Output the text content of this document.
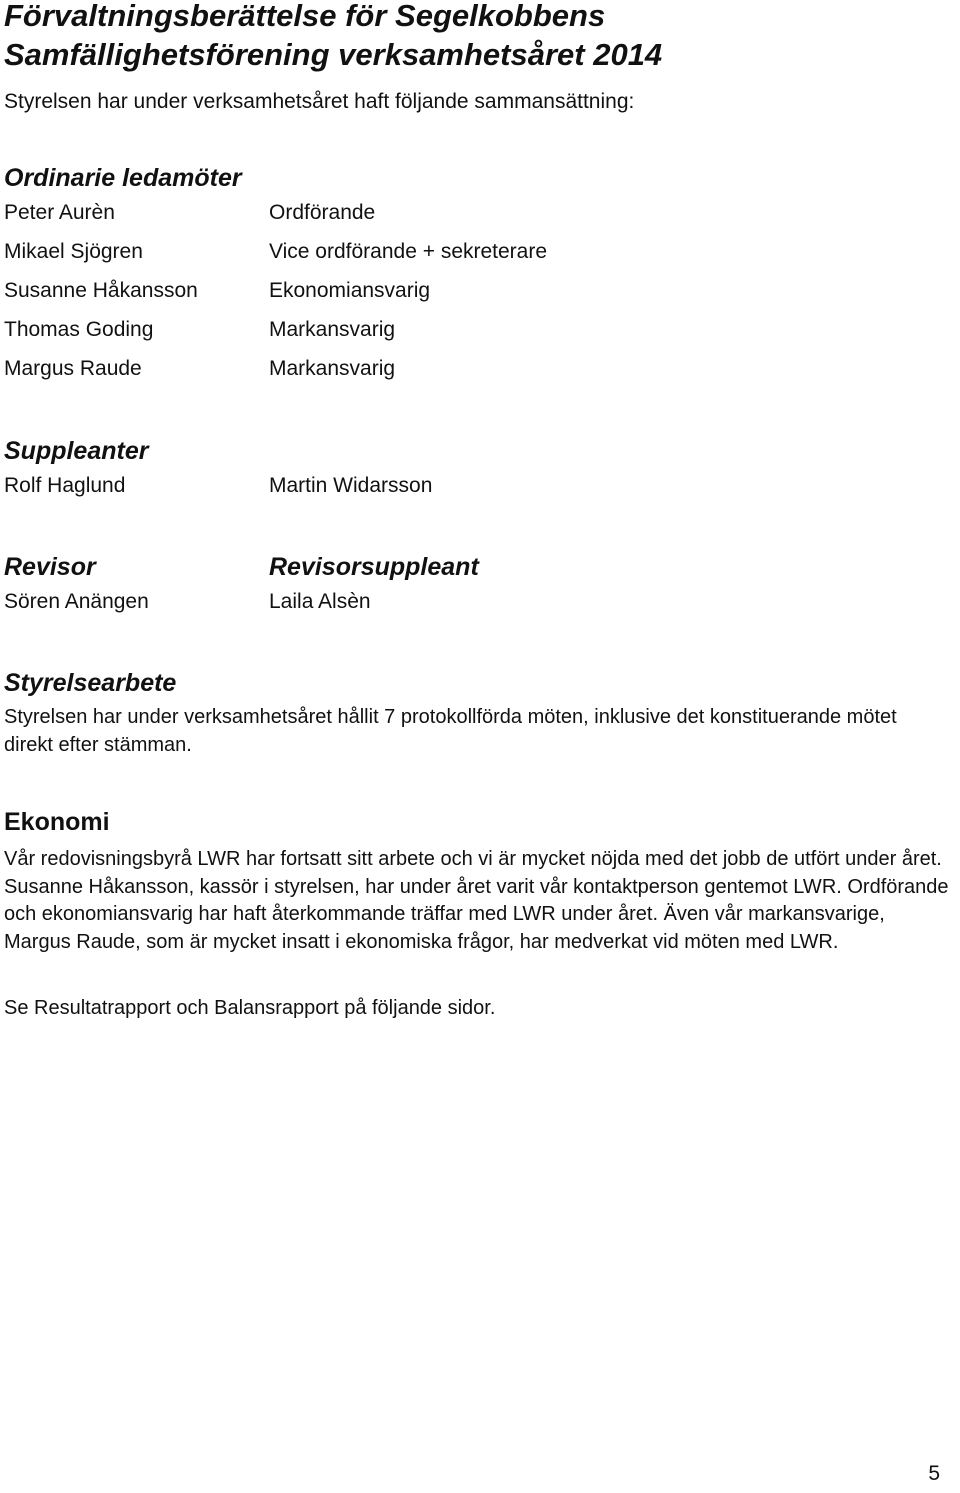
Förvaltningsberättelse för Segelkobbens
Samfällighetsförening verksamhetsåret 2014
Styrelsen har under verksamhetsåret haft följande sammansättning:
Ordinarie ledamöter
Peter Aurèn	Ordförande
Mikael Sjögren	Vice ordförande + sekreterare
Susanne Håkansson	Ekonomiansvarig
Thomas Goding	Markansvarig
Margus Raude	Markansvarig
Suppleanter
Rolf Haglund	Martin Widarsson
Revisor	Revisorsuppleant
Sören Anängen	Laila Alsèn
Styrelsearbete
Styrelsen har under verksamhetsåret hållit 7 protokollförda möten, inklusive det konstituerande mötet direkt efter stämman.
Ekonomi
Vår redovisningsbyrå LWR har fortsatt sitt arbete och vi är mycket nöjda med det jobb de utfört under året. Susanne Håkansson, kassör i styrelsen, har under året varit vår kontaktperson gentemot LWR. Ordförande och ekonomiansvarig har haft återkommande träffar med LWR under året. Även vår markansvarige, Margus Raude, som är mycket insatt i ekonomiska frågor, har medverkat vid möten med LWR.
Se Resultatrapport och Balansrapport på följande sidor.
5
